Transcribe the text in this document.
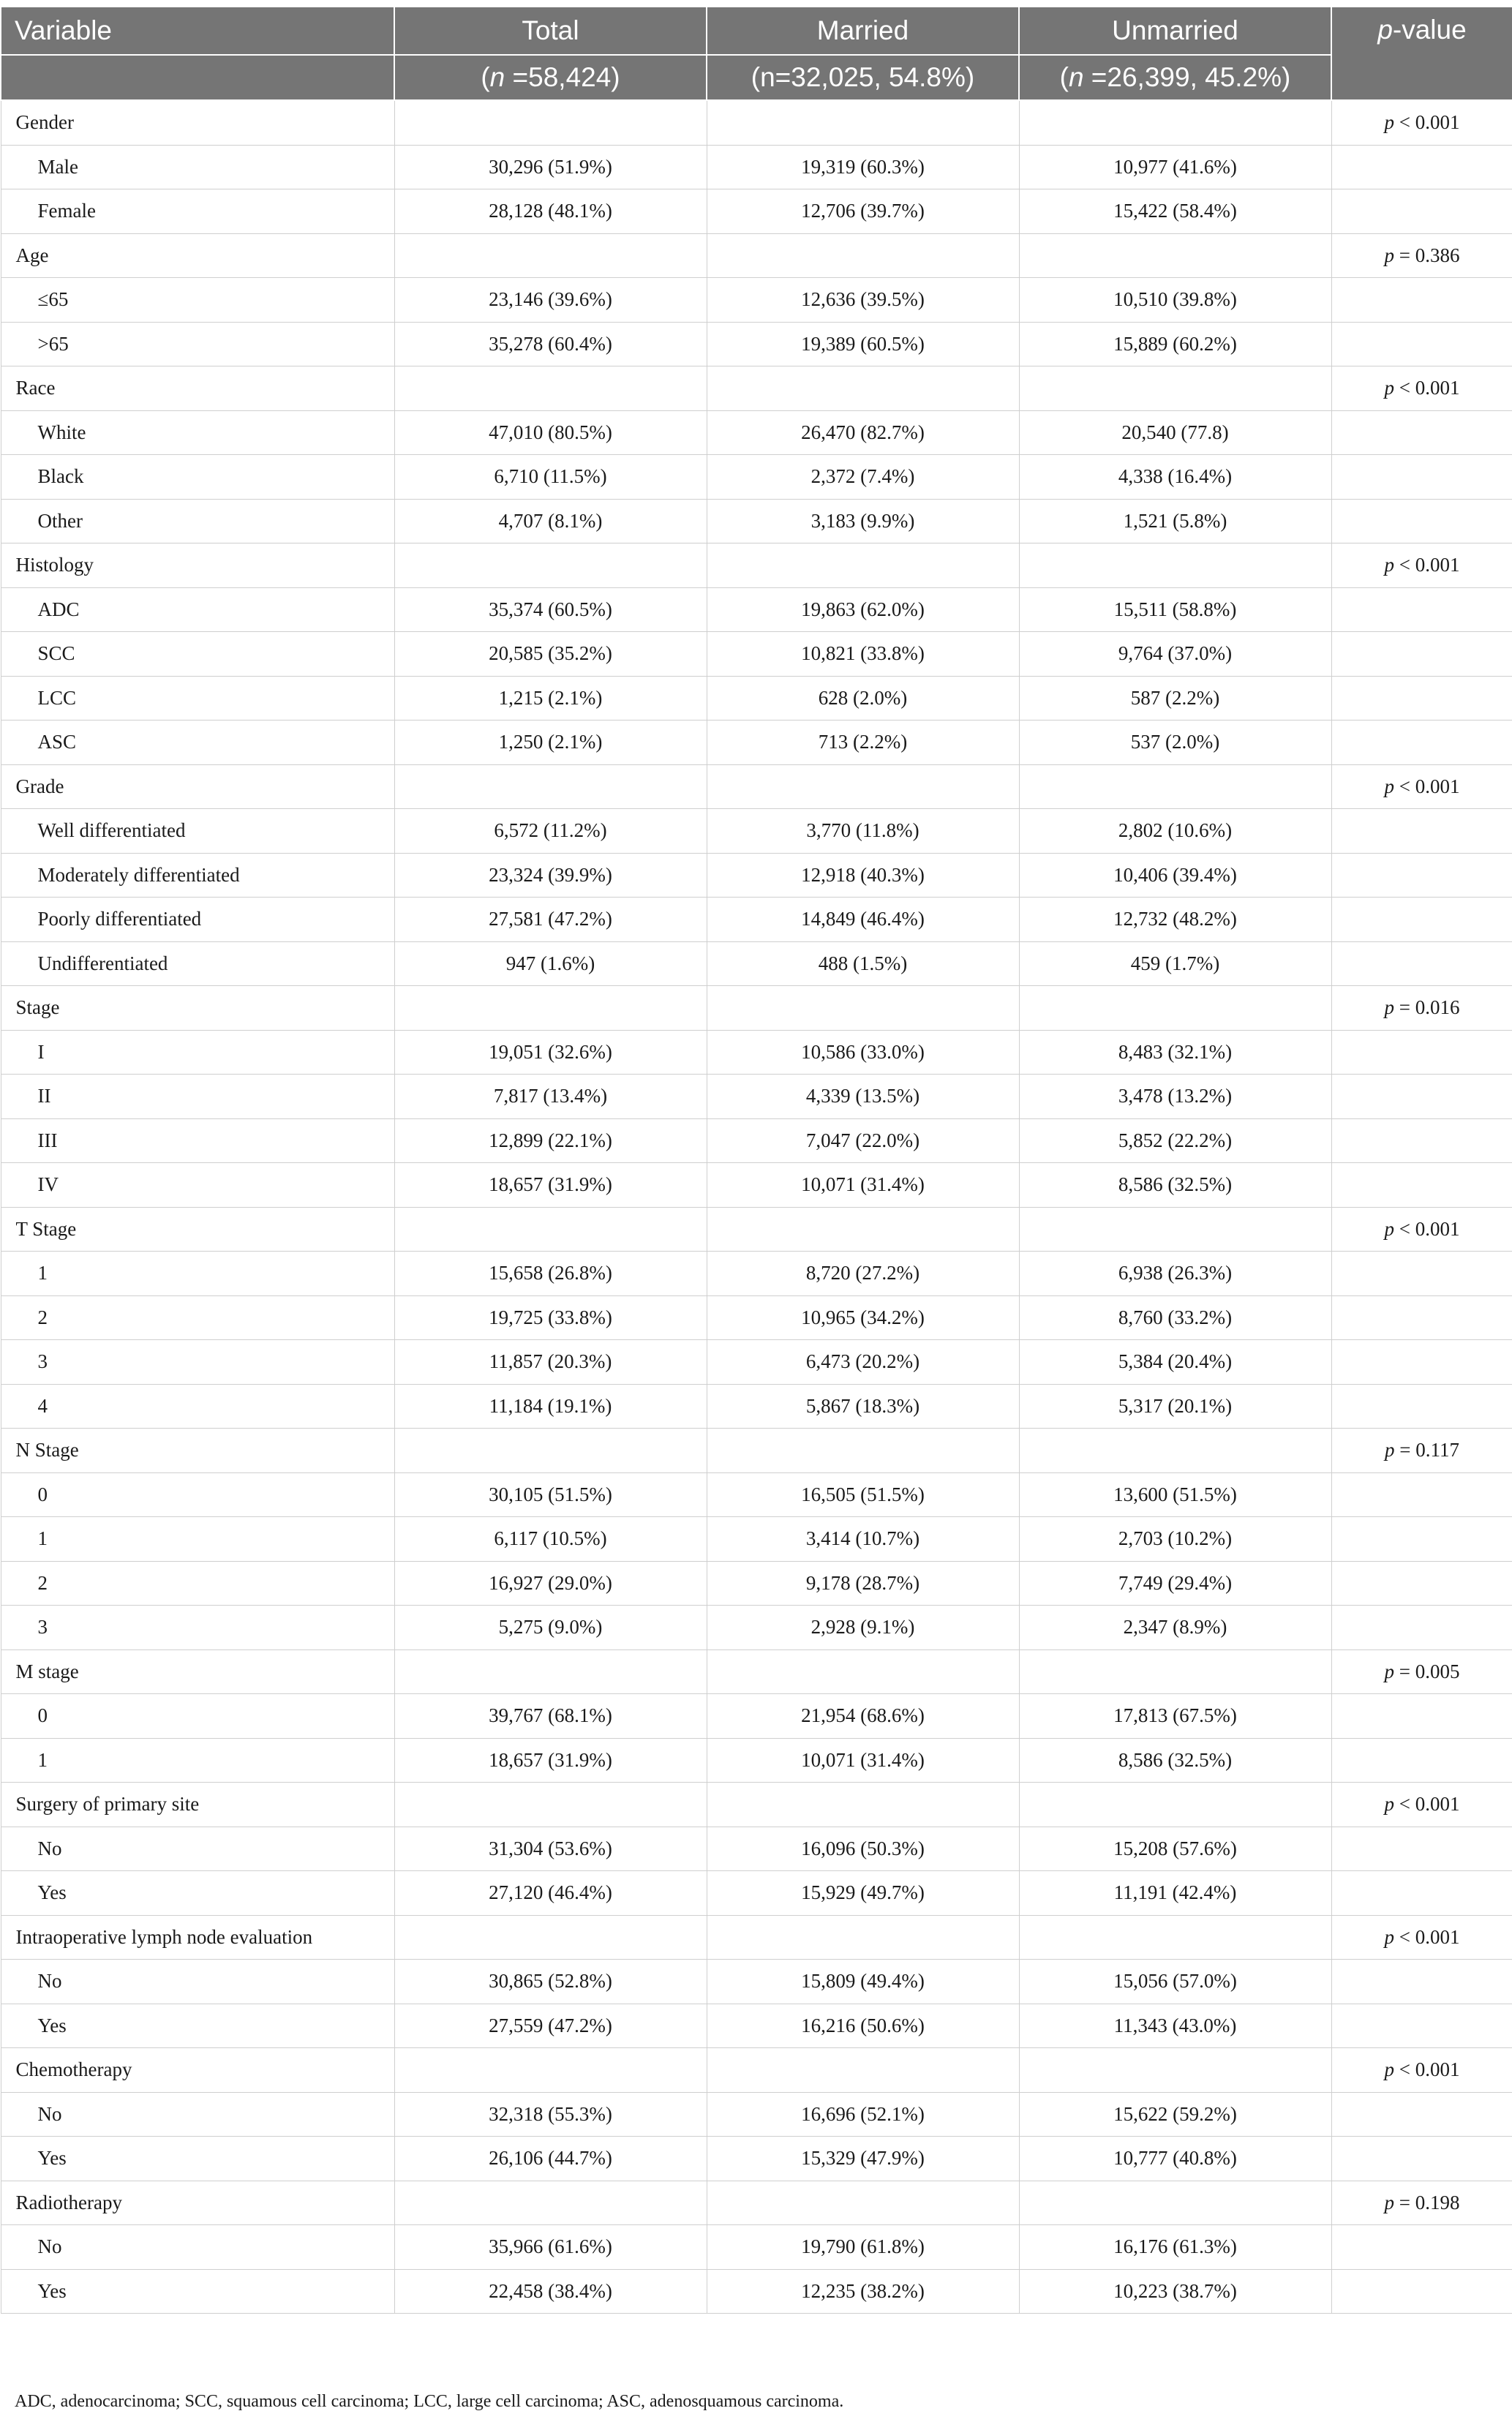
Variable	Total	Married	Unmarried	p-value
	(n =58,424)	(n=32,025, 54.8%)	(n =26,399, 45.2%)	
Gender				p < 0.001
Male	30,296 (51.9%)	19,319 (60.3%)	10,977 (41.6%)	
Female	28,128 (48.1%)	12,706 (39.7%)	15,422 (58.4%)	
Age				p = 0.386
≤65	23,146 (39.6%)	12,636 (39.5%)	10,510 (39.8%)	
>65	35,278 (60.4%)	19,389 (60.5%)	15,889 (60.2%)	
Race				p < 0.001
White	47,010 (80.5%)	26,470 (82.7%)	20,540 (77.8)	
Black	6,710 (11.5%)	2,372 (7.4%)	4,338 (16.4%)	
Other	4,707 (8.1%)	3,183 (9.9%)	1,521 (5.8%)	
Histology				p < 0.001
ADC	35,374 (60.5%)	19,863 (62.0%)	15,511 (58.8%)	
SCC	20,585 (35.2%)	10,821 (33.8%)	9,764 (37.0%)	
LCC	1,215 (2.1%)	628 (2.0%)	587 (2.2%)	
ASC	1,250 (2.1%)	713 (2.2%)	537 (2.0%)	
Grade				p < 0.001
Well differentiated	6,572 (11.2%)	3,770 (11.8%)	2,802 (10.6%)	
Moderately differentiated	23,324 (39.9%)	12,918 (40.3%)	10,406 (39.4%)	
Poorly differentiated	27,581 (47.2%)	14,849 (46.4%)	12,732 (48.2%)	
Undifferentiated	947 (1.6%)	488 (1.5%)	459 (1.7%)	
Stage				p = 0.016
I	19,051 (32.6%)	10,586 (33.0%)	8,483 (32.1%)	
II	7,817 (13.4%)	4,339 (13.5%)	3,478 (13.2%)	
III	12,899 (22.1%)	7,047 (22.0%)	5,852 (22.2%)	
IV	18,657 (31.9%)	10,071 (31.4%)	8,586 (32.5%)	
T Stage				p < 0.001
1	15,658 (26.8%)	8,720 (27.2%)	6,938 (26.3%)	
2	19,725 (33.8%)	10,965 (34.2%)	8,760 (33.2%)	
3	11,857 (20.3%)	6,473 (20.2%)	5,384 (20.4%)	
4	11,184 (19.1%)	5,867 (18.3%)	5,317 (20.1%)	
N Stage				p = 0.117
0	30,105 (51.5%)	16,505 (51.5%)	13,600 (51.5%)	
1	6,117 (10.5%)	3,414 (10.7%)	2,703 (10.2%)	
2	16,927 (29.0%)	9,178 (28.7%)	7,749 (29.4%)	
3	5,275 (9.0%)	2,928 (9.1%)	2,347 (8.9%)	
M stage				p = 0.005
0	39,767 (68.1%)	21,954 (68.6%)	17,813 (67.5%)	
1	18,657 (31.9%)	10,071 (31.4%)	8,586 (32.5%)	
Surgery of primary site				p < 0.001
No	31,304 (53.6%)	16,096 (50.3%)	15,208 (57.6%)	
Yes	27,120 (46.4%)	15,929 (49.7%)	11,191 (42.4%)	
Intraoperative lymph node evaluation				p < 0.001
No	30,865 (52.8%)	15,809 (49.4%)	15,056 (57.0%)	
Yes	27,559 (47.2%)	16,216 (50.6%)	11,343 (43.0%)	
Chemotherapy				p < 0.001
No	32,318 (55.3%)	16,696 (52.1%)	15,622 (59.2%)	
Yes	26,106 (44.7%)	15,329 (47.9%)	10,777 (40.8%)	
Radiotherapy				p = 0.198
No	35,966 (61.6%)	19,790 (61.8%)	16,176 (61.3%)	
Yes	22,458 (38.4%)	12,235 (38.2%)	10,223 (38.7%)	
ADC, adenocarcinoma; SCC, squamous cell carcinoma; LCC, large cell carcinoma; ASC, adenosquamous carcinoma.
